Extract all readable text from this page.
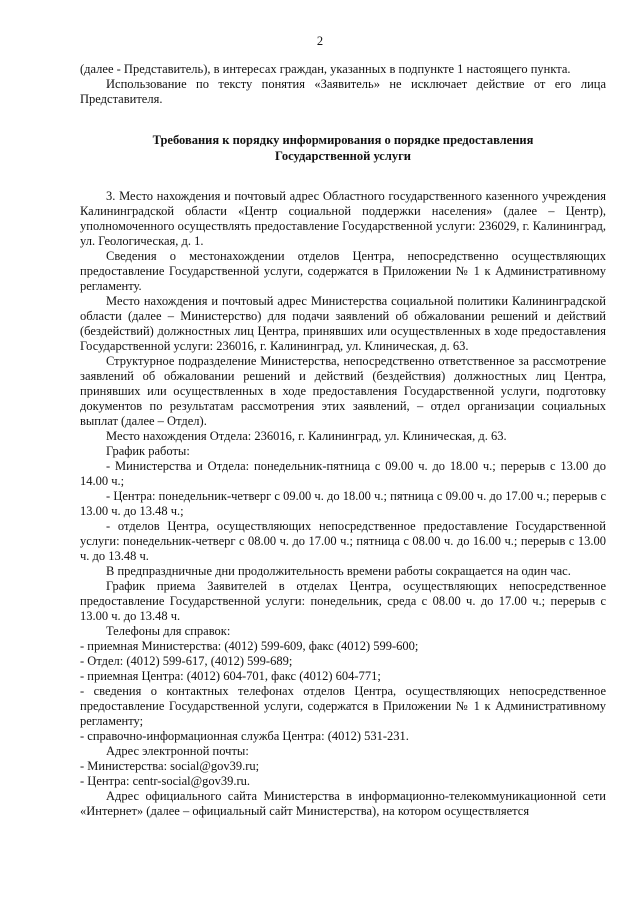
2

(далее - Представитель), в интересах граждан, указанных в подпункте 1 настоящего пункта.

Использование по тексту понятия «Заявитель» не исключает действие от его лица Представителя.

Требования к порядку информирования о порядке предоставления
Государственной услуги

3. Место нахождения и почтовый адрес Областного государственного казенного учреждения Калининградской области «Центр социальной поддержки населения» (далее – Центр), уполномоченного осуществлять предоставление Государственной услуги: 236029, г. Калининград, ул. Геологическая, д. 1.

Сведения о местонахождении отделов Центра, непосредственно осуществляющих предоставление Государственной услуги, содержатся в Приложении № 1 к Административному регламенту.

Место нахождения и почтовый адрес Министерства социальной политики Калининградской области (далее – Министерство) для подачи заявлений об обжаловании решений и действий (бездействий) должностных лиц Центра, принявших или осуществленных в ходе предоставления Государственной услуги: 236016, г. Калининград, ул. Клиническая, д. 63.

Структурное подразделение Министерства, непосредственно ответственное за рассмотрение заявлений об обжаловании решений и действий (бездействия) должностных лиц Центра, принявших или осуществленных в ходе предоставления Государственной услуги, подготовку документов по результатам рассмотрения этих заявлений, – отдел организации социальных выплат (далее – Отдел).

Место нахождения Отдела: 236016, г. Калининград, ул. Клиническая, д. 63.

График работы:

- Министерства и Отдела: понедельник-пятница с 09.00 ч. до 18.00 ч.; перерыв с 13.00 до 14.00 ч.;

- Центра: понедельник-четверг с 09.00 ч. до 18.00 ч.; пятница с 09.00 ч. до 17.00 ч.; перерыв с 13.00 ч. до 13.48 ч.;

- отделов Центра, осуществляющих непосредственное предоставление Государственной услуги: понедельник-четверг с 08.00 ч. до 17.00 ч.; пятница с 08.00 ч. до 16.00 ч.; перерыв с 13.00 ч. до 13.48 ч.

В предпраздничные дни продолжительность времени работы сокращается на один час.

График приема Заявителей в отделах Центра, осуществляющих непосредственное предоставление Государственной услуги: понедельник, среда с 08.00 ч. до 17.00 ч.; перерыв с 13.00 ч. до 13.48 ч.

Телефоны для справок:

- приемная Министерства: (4012) 599-609, факс (4012) 599-600;

- Отдел: (4012) 599-617, (4012) 599-689;

- приемная Центра: (4012) 604-701, факс (4012) 604-771;

- сведения о контактных телефонах отделов Центра, осуществляющих непосредственное предоставление Государственной услуги, содержатся в Приложении № 1 к Административному регламенту;

- справочно-информационная служба Центра: (4012) 531-231.

Адрес электронной почты:

- Министерства: social@gov39.ru;

- Центра: centr-social@gov39.ru.

Адрес официального сайта Министерства в информационно-телекоммуникационной сети «Интернет» (далее – официальный сайт Министерства), на котором осуществляется
